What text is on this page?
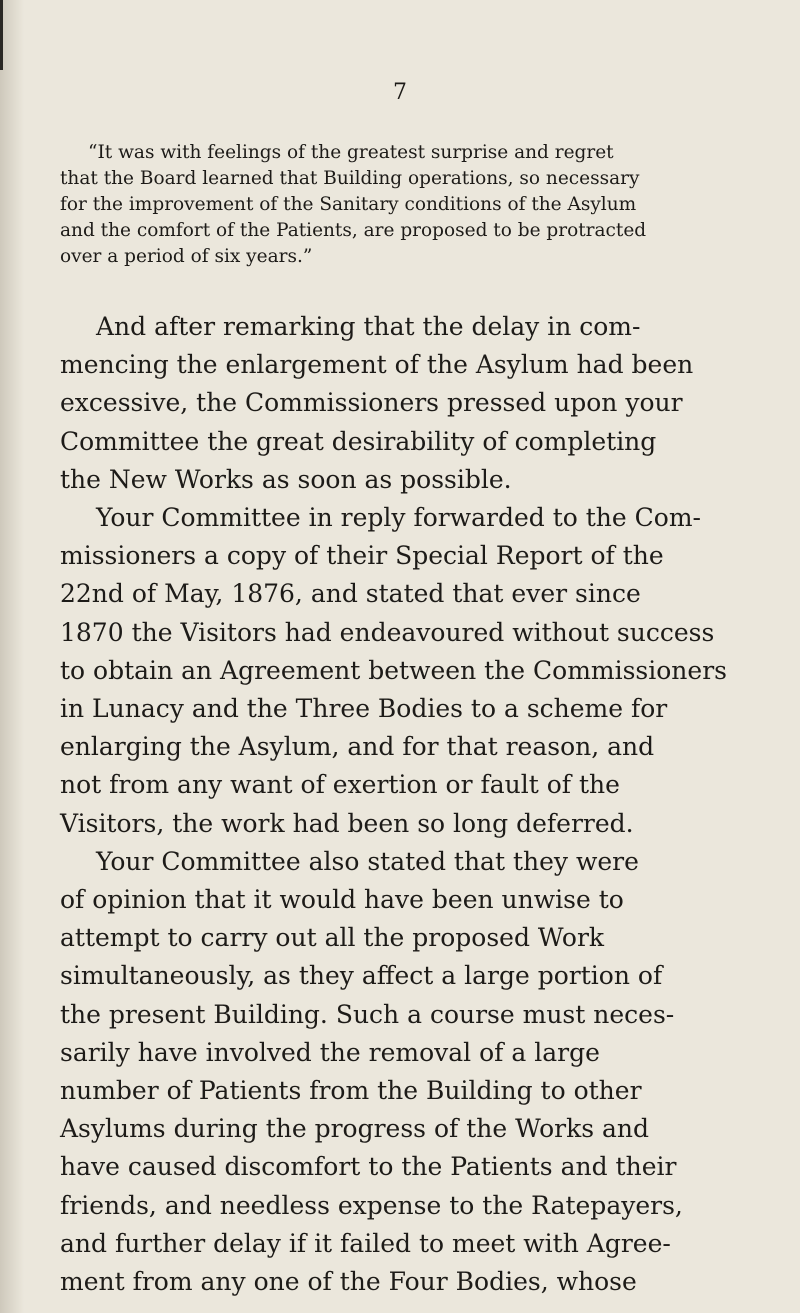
7
“It was with feelings of the greatest surprise and regret
that the Board learned that Building operations, so necessary
for the improvement of the Sanitary conditions of the Asylum
and the comfort of the Patients, are proposed to be protracted
over a period of six years.”
And after remarking that the delay in com-
mencing the enlargement of the Asylum had been
excessive, the Commissioners pressed upon your
Committee the great desirability of completing
the New Works as soon as possible.
Your Committee in reply forwarded to the Com-
missioners a copy of their Special Report of the
22nd of May, 1876, and stated that ever since
1870 the Visitors had endeavoured without success
to obtain an Agreement between the Commissioners
in Lunacy and the Three Bodies to a scheme for
enlarging the Asylum, and for that reason, and
not from any want of exertion or fault of the
Visitors, the work had been so long deferred.
Your Committee also stated that they were
of opinion that it would have been unwise to
attempt to carry out all the proposed Work
simultaneously, as they affect a large portion of
the present Building. Such a course must neces-
sarily have involved the removal of a large
number of Patients from the Building to other
Asylums during the progress of the Works and
have caused discomfort to the Patients and their
friends, and needless expense to the Ratepayers,
and further delay if it failed to meet with Agree-
ment from any one of the Four Bodies, whose
